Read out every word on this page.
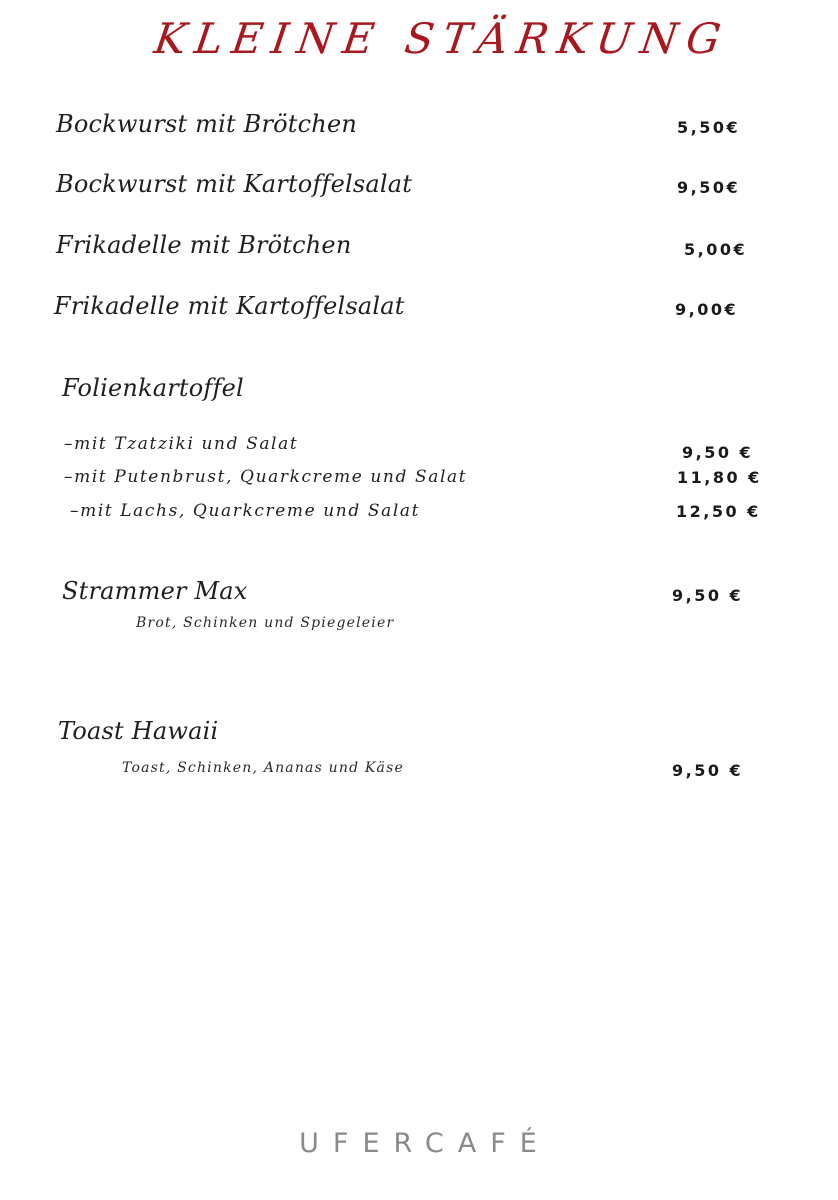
KLEINE STÄRKUNG
Bockwurst mit Brötchen	5,50€
Bockwurst mit Kartoffelsalat	9,50€
Frikadelle mit Brötchen	5,00€
Frikadelle mit Kartoffelsalat	9,00€
Folienkartoffel
–mit Tzatziki und Salat	9,50 €
–mit Putenbrust, Quarkcreme und Salat	11,80 €
–mit Lachs, Quarkcreme und Salat	12,50 €
Strammer Max	9,50 €
Brot, Schinken und Spiegeleier
Toast Hawaii
Toast, Schinken, Ananas und Käse	9,50 €
UFERCAFÉ
